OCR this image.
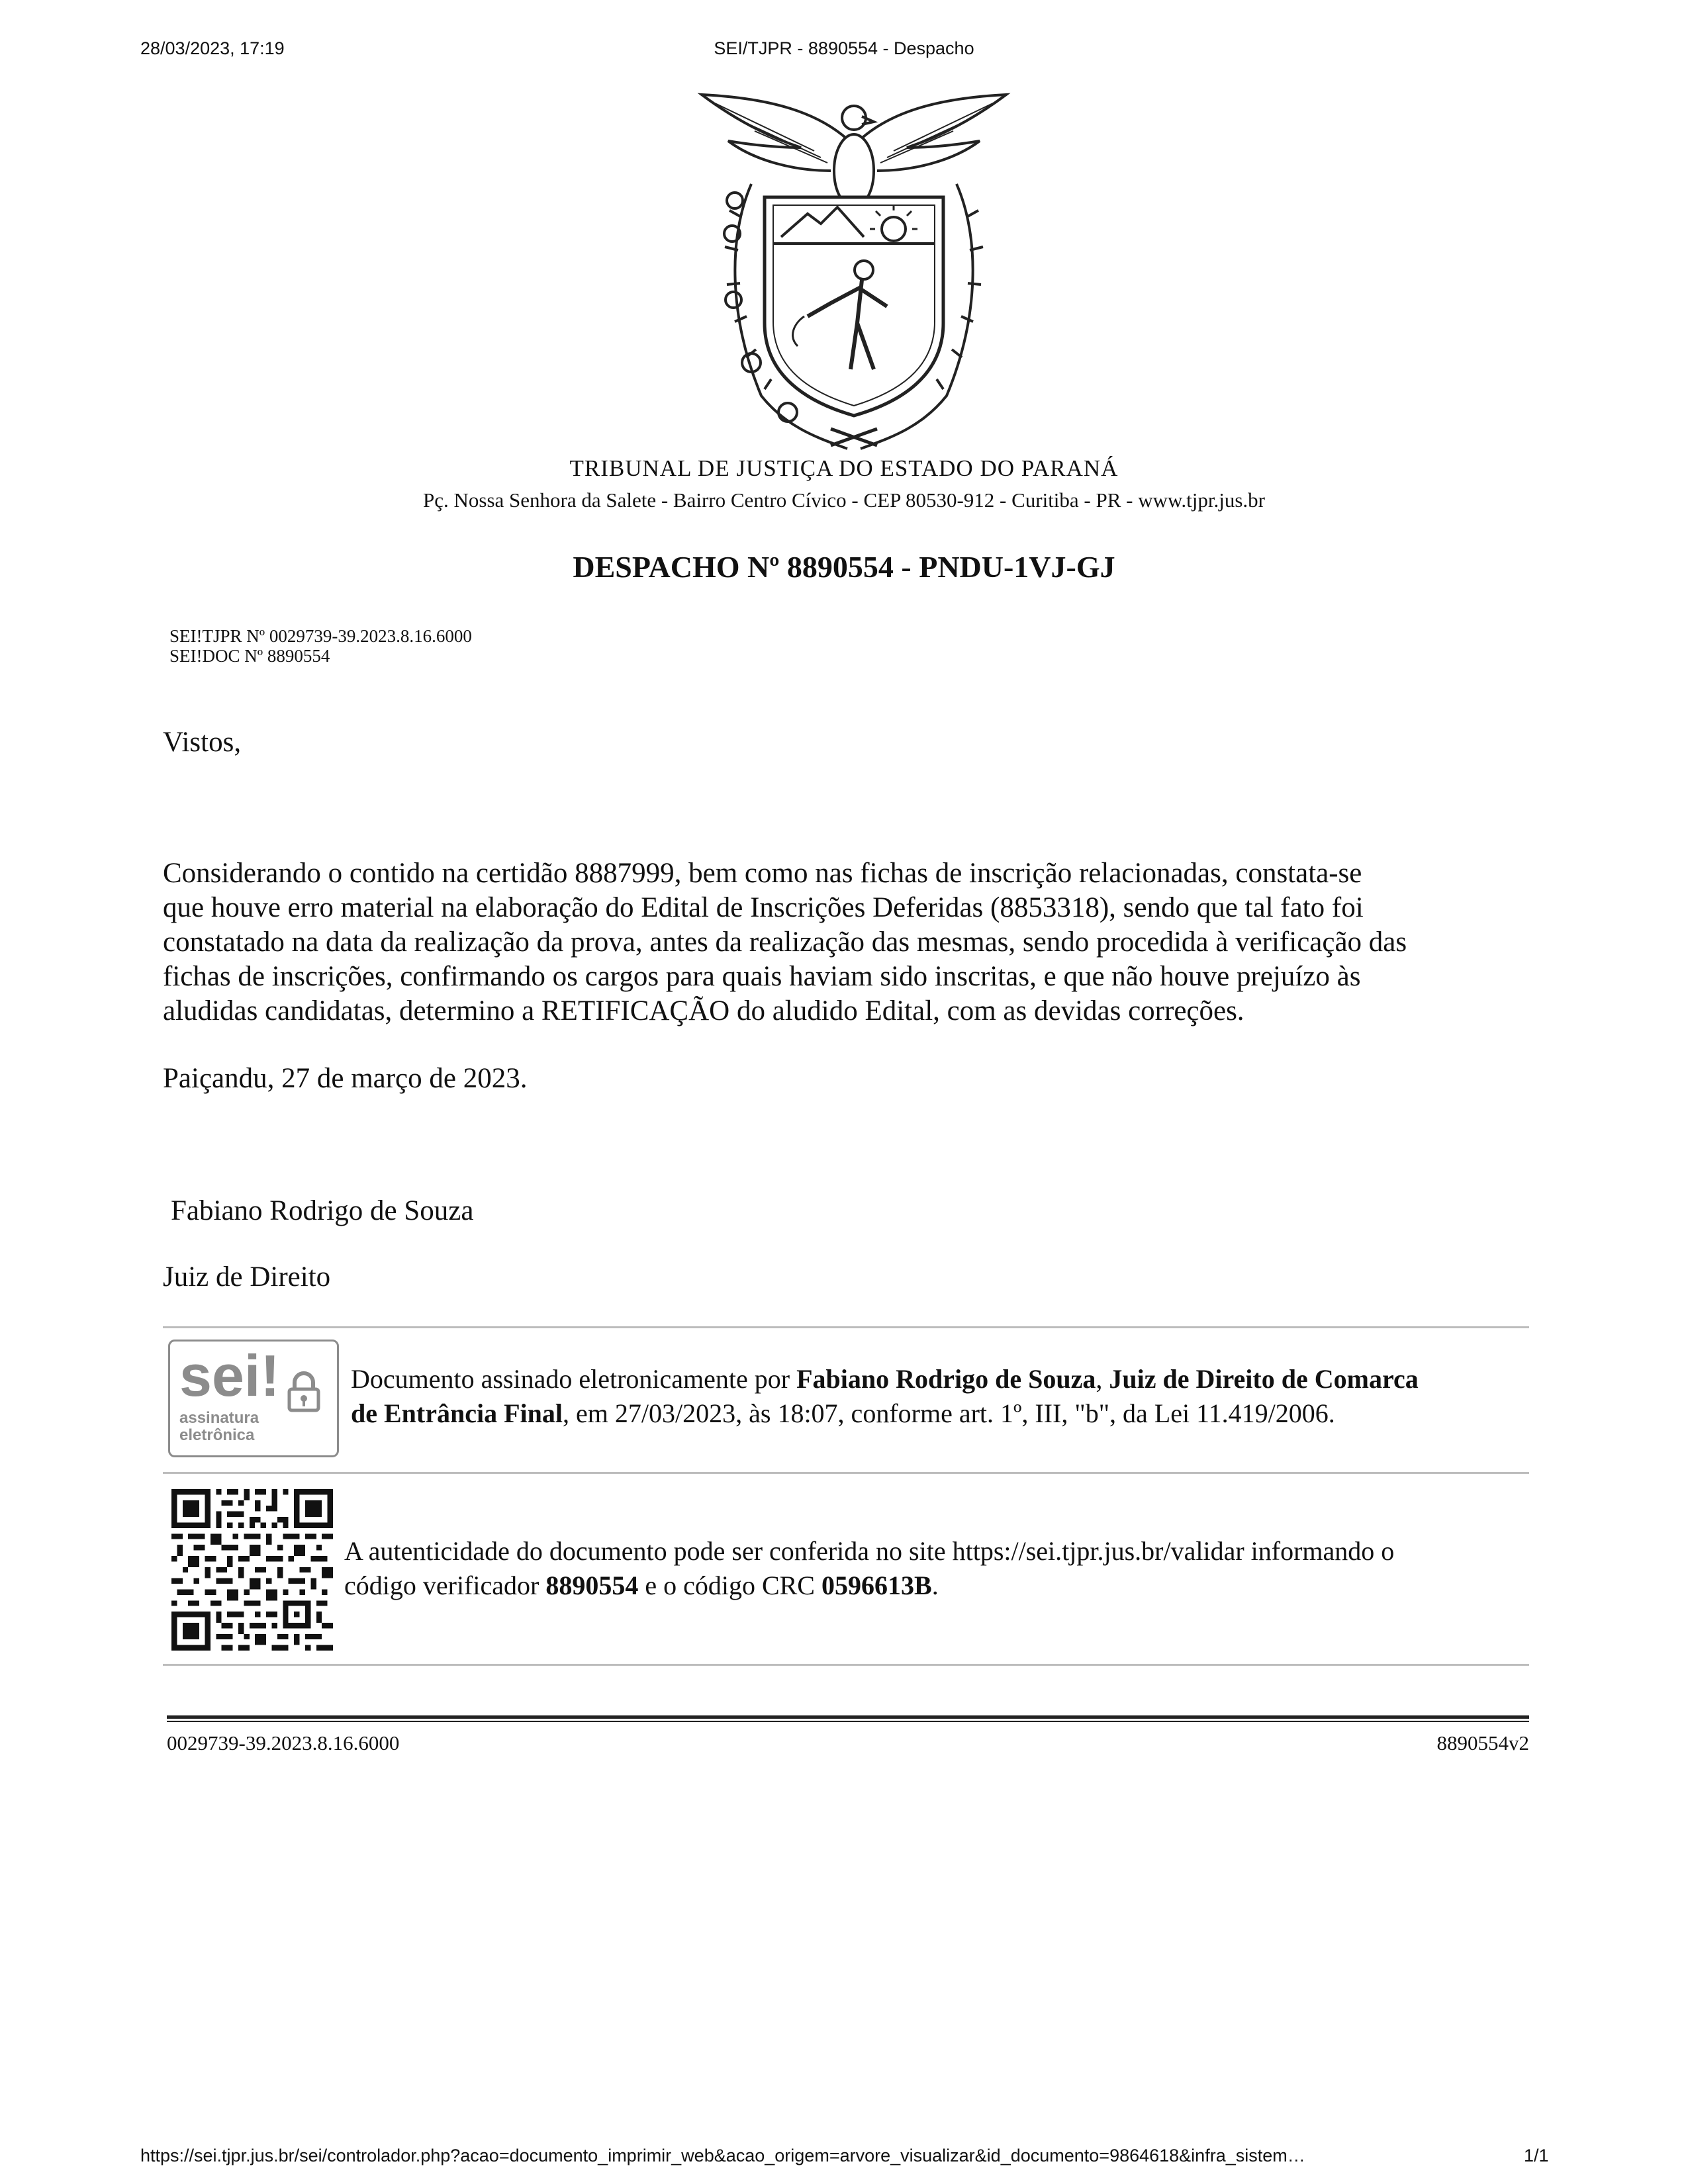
28/03/2023, 17:19	SEI/TJPR - 8890554 - Despacho
TRIBUNAL DE JUSTIÇA DO ESTADO DO PARANÁ
Pç. Nossa Senhora da Salete - Bairro Centro Cívico - CEP 80530-912 - Curitiba - PR - www.tjpr.jus.br
DESPACHO Nº 8890554 - PNDU-1VJ-GJ
SEI!TJPR Nº 0029739-39.2023.8.16.6000
SEI!DOC Nº 8890554
Vistos,
Considerando o contido na certidão 8887999, bem como nas fichas de inscrição relacionadas, constata-se
que houve erro material na elaboração do Edital de Inscrições Deferidas (8853318), sendo que tal fato foi
constatado na data da realização da prova, antes da realização das mesmas, sendo procedida à verificação das
fichas de inscrições, confirmando os cargos para quais haviam sido inscritas, e que não houve prejuízo às
aludidas candidatas, determino a RETIFICAÇÃO do aludido Edital, com as devidas correções.
Paiçandu, 27 de março de 2023.
Fabiano Rodrigo de Souza
Juiz de Direito
sei!
assinatura
eletrônica
Documento assinado eletronicamente por Fabiano Rodrigo de Souza, Juiz de Direito de Comarca
de Entrância Final, em 27/03/2023, às 18:07, conforme art. 1º, III, "b", da Lei 11.419/2006.
A autenticidade do documento pode ser conferida no site https://sei.tjpr.jus.br/validar informando o
código verificador 8890554 e o código CRC 0596613B.
0029739-39.2023.8.16.6000	8890554v2
https://sei.tjpr.jus.br/sei/controlador.php?acao=documento_imprimir_web&acao_origem=arvore_visualizar&id_documento=9864618&infra_sistem…	1/1
